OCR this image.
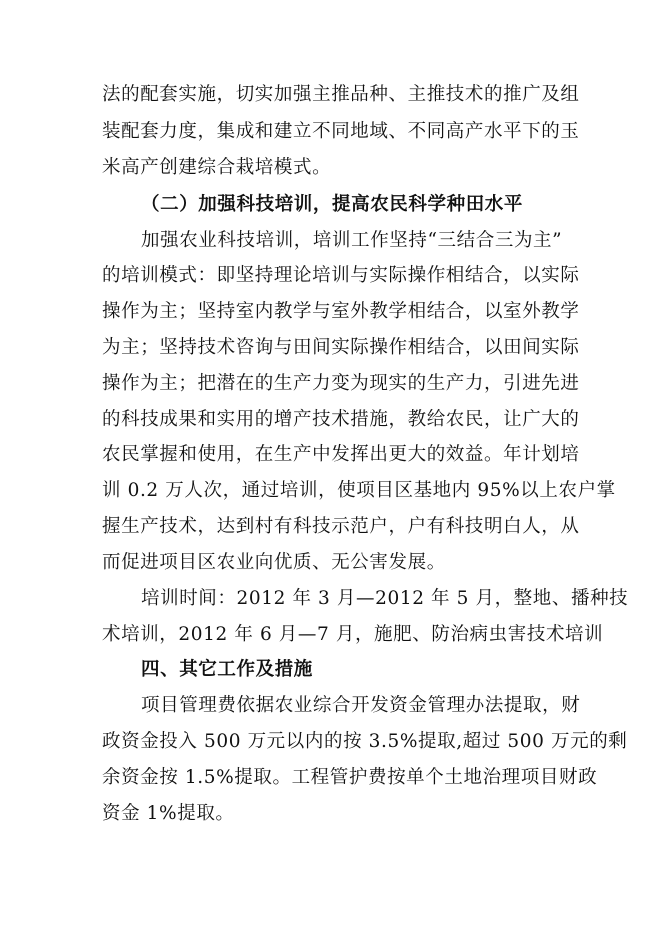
法的配套实施，切实加强主推品种、主推技术的推广及组
装配套力度，集成和建立不同地域、不同高产水平下的玉
米高产创建综合栽培模式。
（二）加强科技培训，提高农民科学种田水平
加强农业科技培训，培训工作坚持“三结合三为主”
的培训模式：即坚持理论培训与实际操作相结合，以实际
操作为主；坚持室内教学与室外教学相结合，以室外教学
为主；坚持技术咨询与田间实际操作相结合，以田间实际
操作为主；把潜在的生产力变为现实的生产力，引进先进
的科技成果和实用的增产技术措施，教给农民，让广大的
农民掌握和使用，在生产中发挥出更大的效益。年计划培
训 0.2 万人次，通过培训，使项目区基地内 95%以上农户掌
握生产技术，达到村有科技示范户，户有科技明白人，从
而促进项目区农业向优质、无公害发展。
培训时间：2012 年 3 月—2012 年 5 月，整地、播种技
术培训，2012 年 6 月—7 月，施肥、防治病虫害技术培训
四、其它工作及措施
项目管理费依据农业综合开发资金管理办法提取，财
政资金投入 500 万元以内的按 3.5%提取,超过 500 万元的剩
余资金按 1.5%提取。工程管护费按单个土地治理项目财政
资金 1%提取。
